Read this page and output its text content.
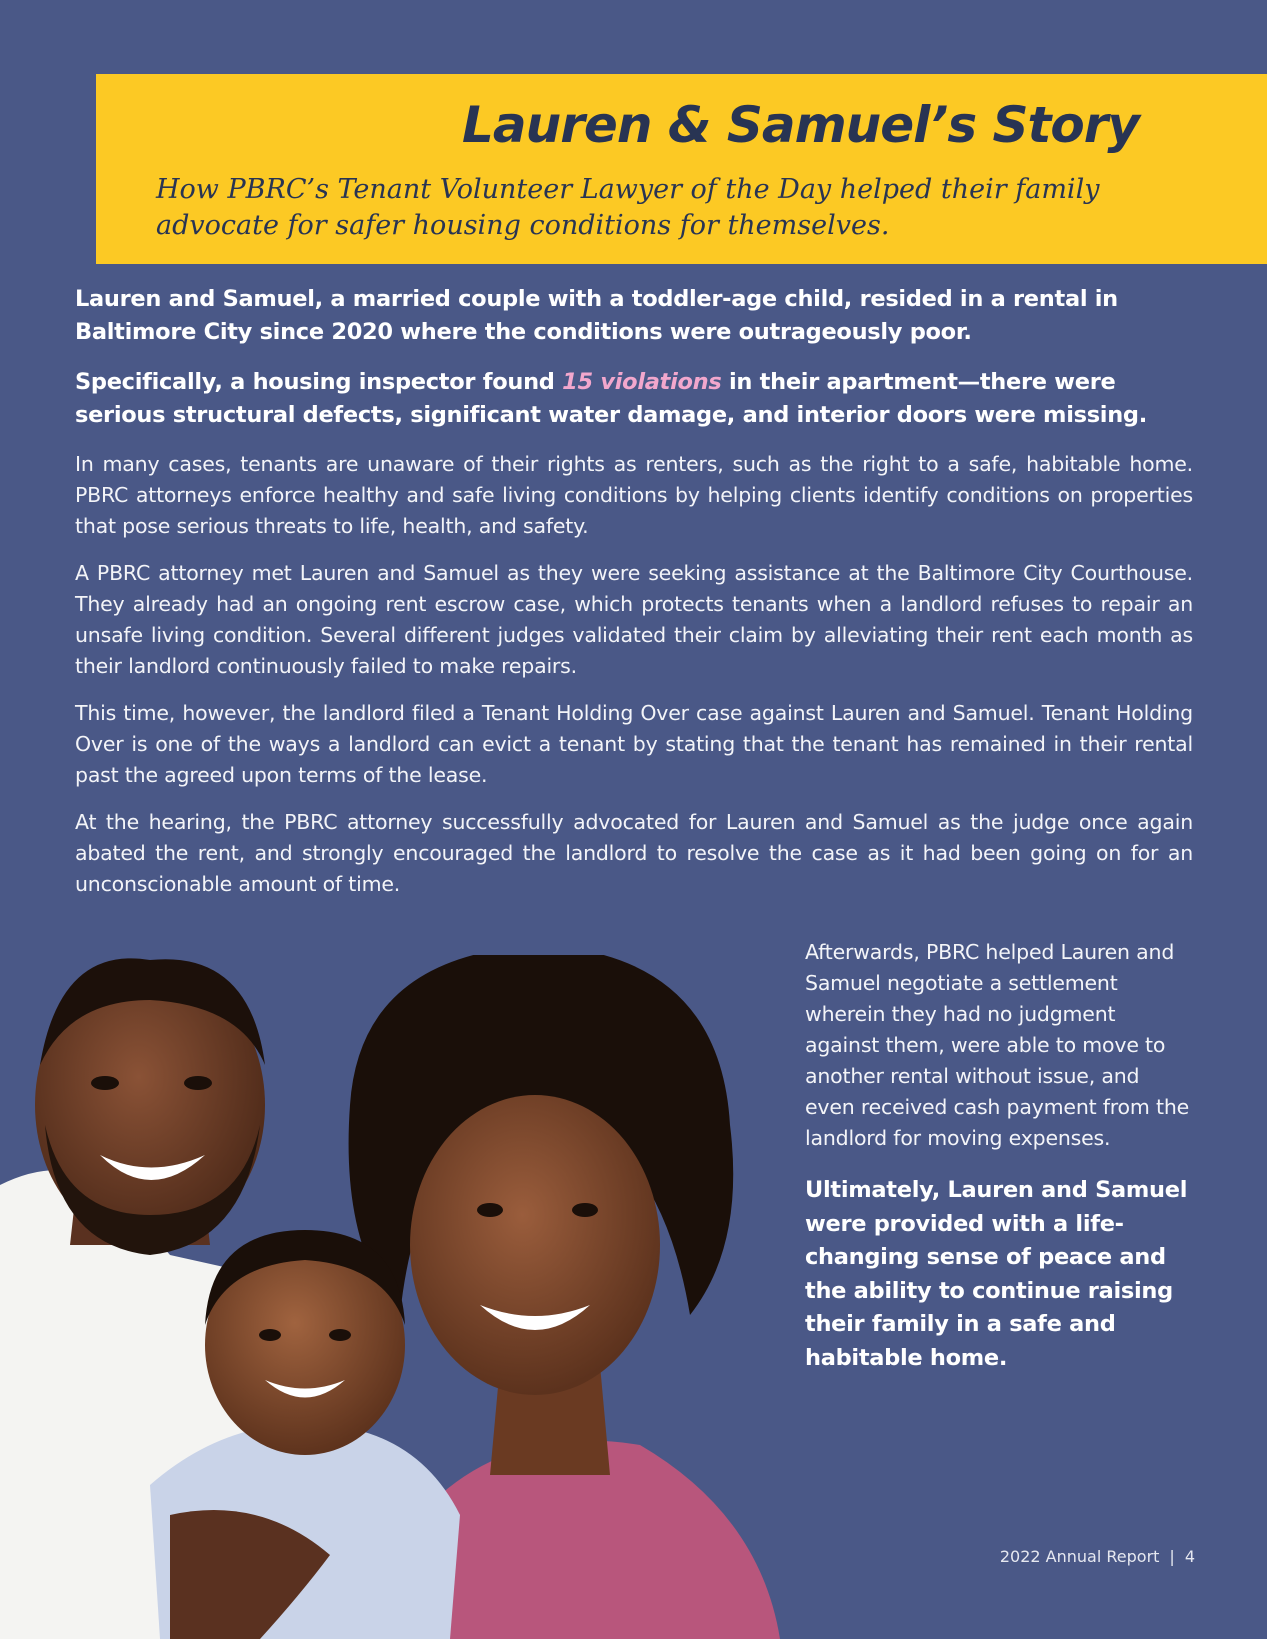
Lauren & Samuel’s Story

How PBRC’s Tenant Volunteer Lawyer of the Day helped their family advocate for safer housing conditions for themselves.

Lauren and Samuel, a married couple with a toddler-age child, resided in a rental in Baltimore City since 2020 where the conditions were outrageously poor.

Specifically, a housing inspector found 15 violations in their apartment—there were serious structural defects, significant water damage, and interior doors were missing.

In many cases, tenants are unaware of their rights as renters, such as the right to a safe, habitable home. PBRC attorneys enforce healthy and safe living conditions by helping clients identify conditions on properties that pose serious threats to life, health, and safety.

A PBRC attorney met Lauren and Samuel as they were seeking assistance at the Baltimore City Courthouse. They already had an ongoing rent escrow case, which protects tenants when a landlord refuses to repair an unsafe living condition. Several different judges validated their claim by alleviating their rent each month as their landlord continuously failed to make repairs.

This time, however, the landlord filed a Tenant Holding Over case against Lauren and Samuel. Tenant Holding Over is one of the ways a landlord can evict a tenant by stating that the tenant has remained in their rental past the agreed upon terms of the lease.

At the hearing, the PBRC attorney successfully advocated for Lauren and Samuel as the judge once again abated the rent, and strongly encouraged the landlord to resolve the case as it had been going on for an unconscionable amount of time.

Afterwards, PBRC helped Lauren and Samuel negotiate a settlement wherein they had no judgment against them, were able to move to another rental without issue, and even received cash payment from the landlord for moving expenses.

Ultimately, Lauren and Samuel were provided with a life-changing sense of peace and the ability to continue raising their family in a safe and habitable home.

2022 Annual Report | 4
